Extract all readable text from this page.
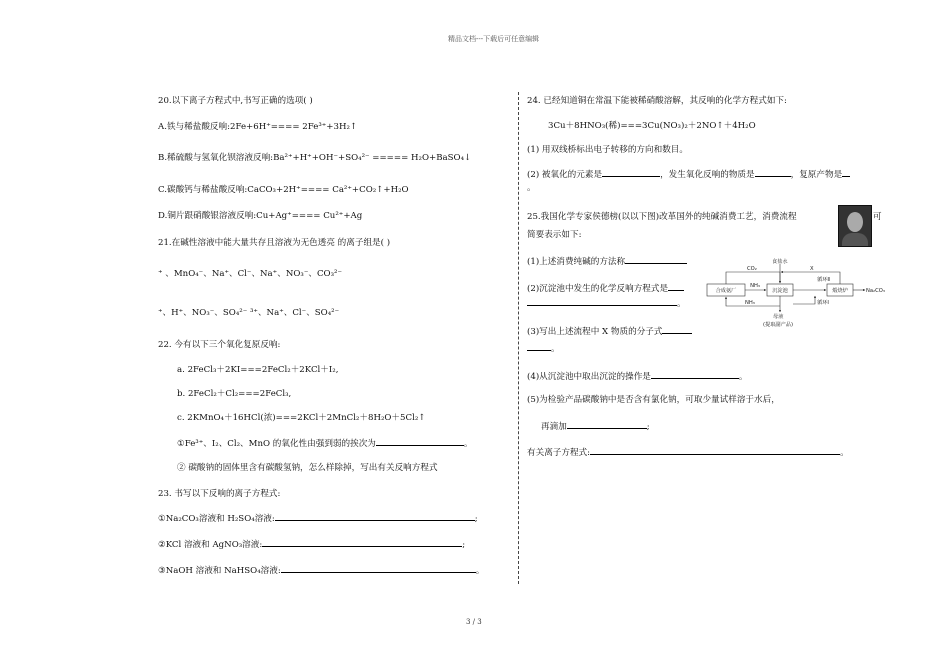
精品文档---下载后可任意编辑
20.以下离子方程式中,书写正确的选项( )
A.铁与稀盐酸反响:2Fe+6H⁺==== 2Fe³⁺+3H₂↑
B.稀硫酸与氢氧化钡溶液反响:Ba²⁺+H⁺+OH⁻+SO₄²⁻ ===== H₂O+BaSO₄↓
C.碳酸钙与稀盐酸反响:CaCO₃+2H⁺==== Ca²⁺+CO₂↑+H₂O
D.铜片跟硝酸银溶液反响:Cu+Ag⁺==== Cu²⁺+Ag
21.在碱性溶液中能大量共存且溶液为无色透亮 的离子组是( )
⁺ 、MnO₄⁻、Na⁺、Cl⁻、Na⁺、NO₃⁻、CO₃²⁻
⁺、H⁺、NO₃⁻、SO₄²⁻ ³⁺、Na⁺、Cl⁻、SO₄²⁻
22. 今有以下三个氧化复原反响:
a. 2FeCl₃＋2KI===2FeCl₂＋2KCl＋I₂,
b. 2FeCl₂＋Cl₂===2FeCl₃,
c. 2KMnO₄＋16HCl(浓)===2KCl＋2MnCl₂＋8H₂O＋5Cl₂↑
①Fe³⁺、I₂、Cl₂、MnO 的氧化性由强到弱的挨次为	。
② 碳酸钠的固体里含有碳酸氢钠，怎么样除掉，写出有关反响方程式
23. 书写以下反响的离子方程式:
①Na₂CO₃溶液和 H₂SO₄溶液:	;
②KCl 溶液和 AgNO₃溶液:	;
③NaOH 溶液和 NaHSO₄溶液:	。
24. 已经知道铜在常温下能被稀硝酸溶解，其反响的化学方程式如下:
3Cu＋8HNO₃(稀)===3Cu(NO₃)₂＋2NO↑＋4H₂O
(1) 用双线桥标出电子转移的方向和数目。
(2) 被氧化的元素是	，发生氧化反响的物质是	，复原产物是
。
25.我国化学专家侯德榜(以以下图)改革国外的纯碱消费工艺，消费流程	可
简要表示如下:
(1)上述消费纯碱的方法称
(2)沉淀池中发生的化学反响方程式是
。
(3)写出上述流程中 X 物质的分子式
。
(4)从沉淀池中取出沉淀的操作是	。
(5)为检验产品碳酸钠中是否含有氯化钠，可取少量试样溶于水后，
再滴加	;
有关离子方程式:	。
合成氨厂	沉淀池	煅烧炉
NH₃
Na₂CO₃
CO₂
食盐水
X
循环Ⅱ
母液
(提取副产品)
NH₃	循环Ⅰ
3 / 3
